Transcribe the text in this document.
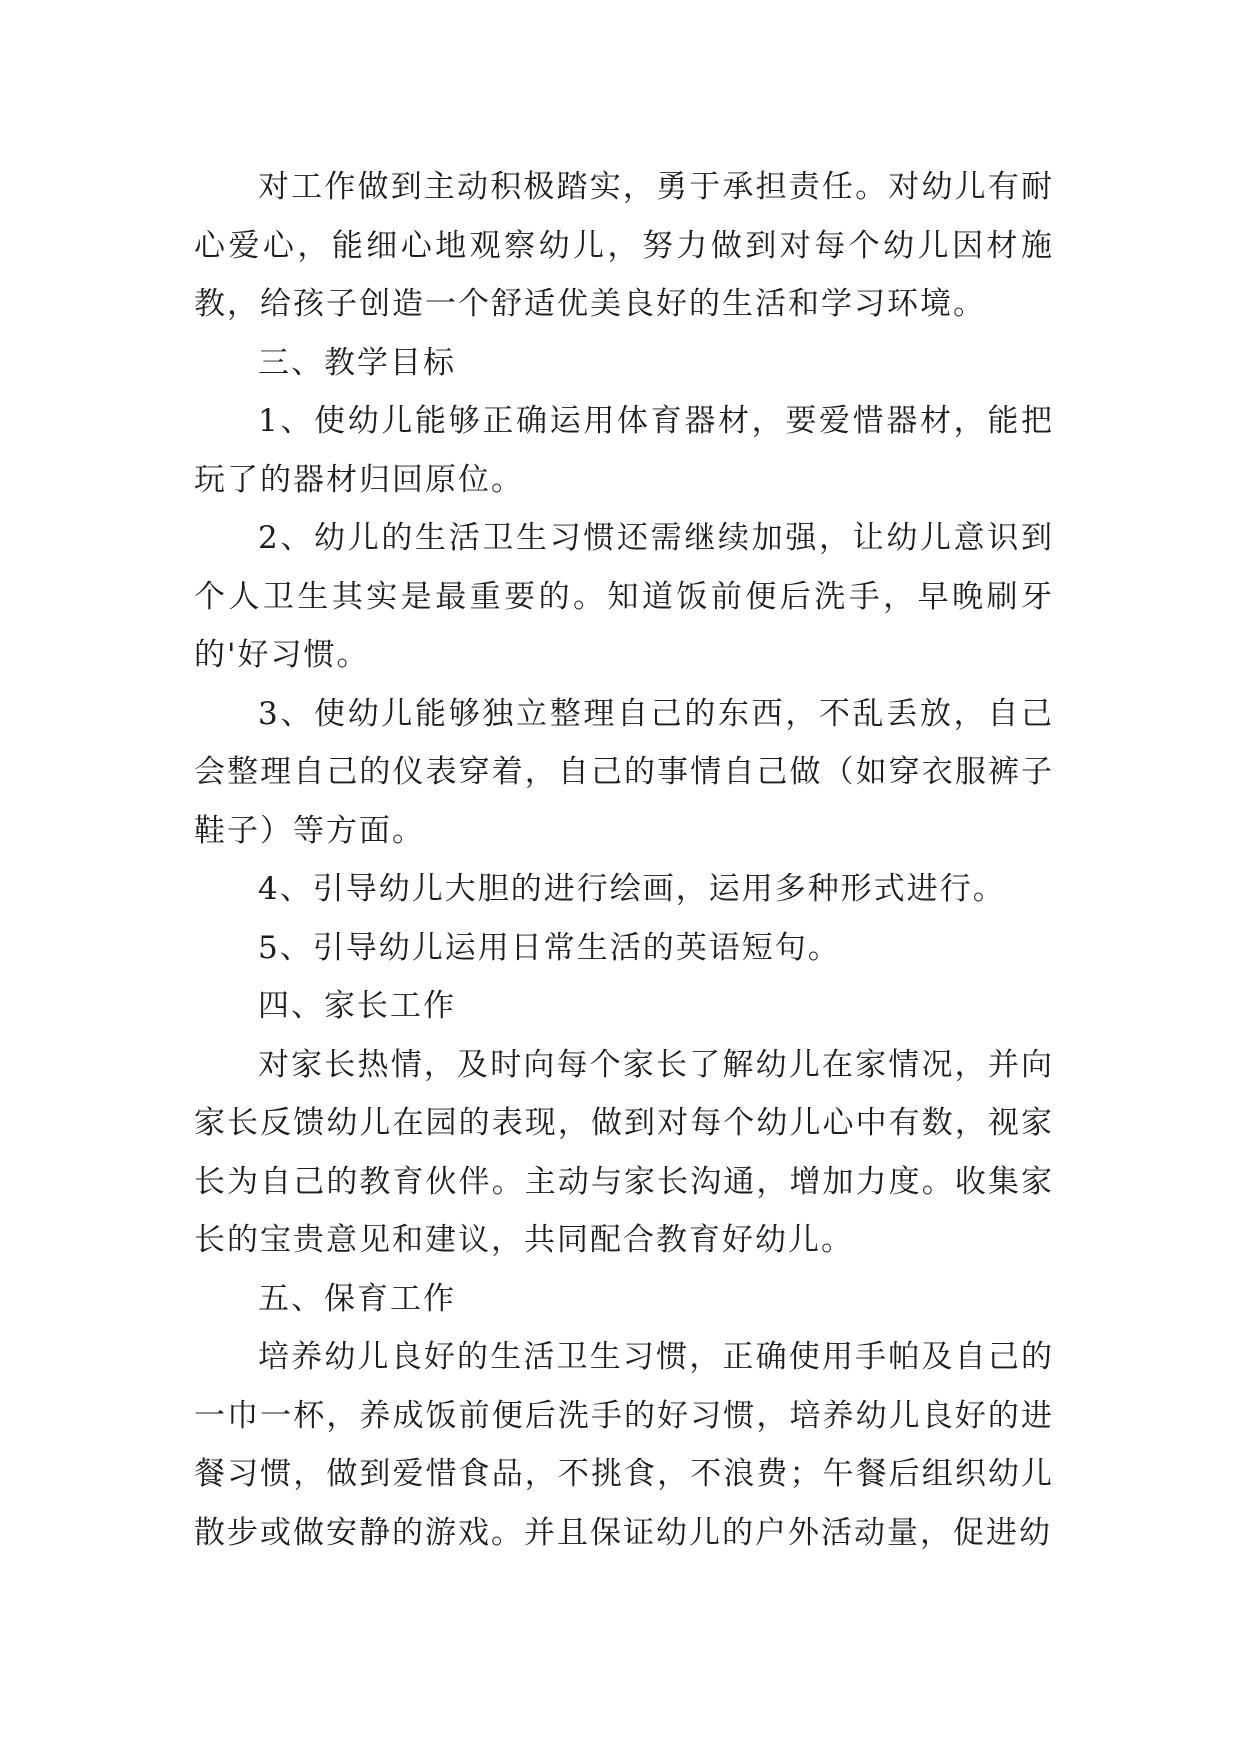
对工作做到主动积极踏实，勇于承担责任。对幼儿有耐心爱心，能细心地观察幼儿，努力做到对每个幼儿因材施教，给孩子创造一个舒适优美良好的生活和学习环境。

三、教学目标

1、使幼儿能够正确运用体育器材，要爱惜器材，能把玩了的器材归回原位。

2、幼儿的生活卫生习惯还需继续加强，让幼儿意识到个人卫生其实是最重要的。知道饭前便后洗手，早晚刷牙的'好习惯。

3、使幼儿能够独立整理自己的东西，不乱丢放，自己会整理自己的仪表穿着，自己的事情自己做（如穿衣服裤子鞋子）等方面。

4、引导幼儿大胆的进行绘画，运用多种形式进行。

5、引导幼儿运用日常生活的英语短句。

四、家长工作

对家长热情，及时向每个家长了解幼儿在家情况，并向家长反馈幼儿在园的表现，做到对每个幼儿心中有数，视家长为自己的教育伙伴。主动与家长沟通，增加力度。收集家长的宝贵意见和建议，共同配合教育好幼儿。

五、保育工作

培养幼儿良好的生活卫生习惯，正确使用手帕及自己的一巾一杯，养成饭前便后洗手的好习惯，培养幼儿良好的进餐习惯，做到爱惜食品，不挑食，不浪费；午餐后组织幼儿散步或做安静的游戏。并且保证幼儿的户外活动量，促进幼
